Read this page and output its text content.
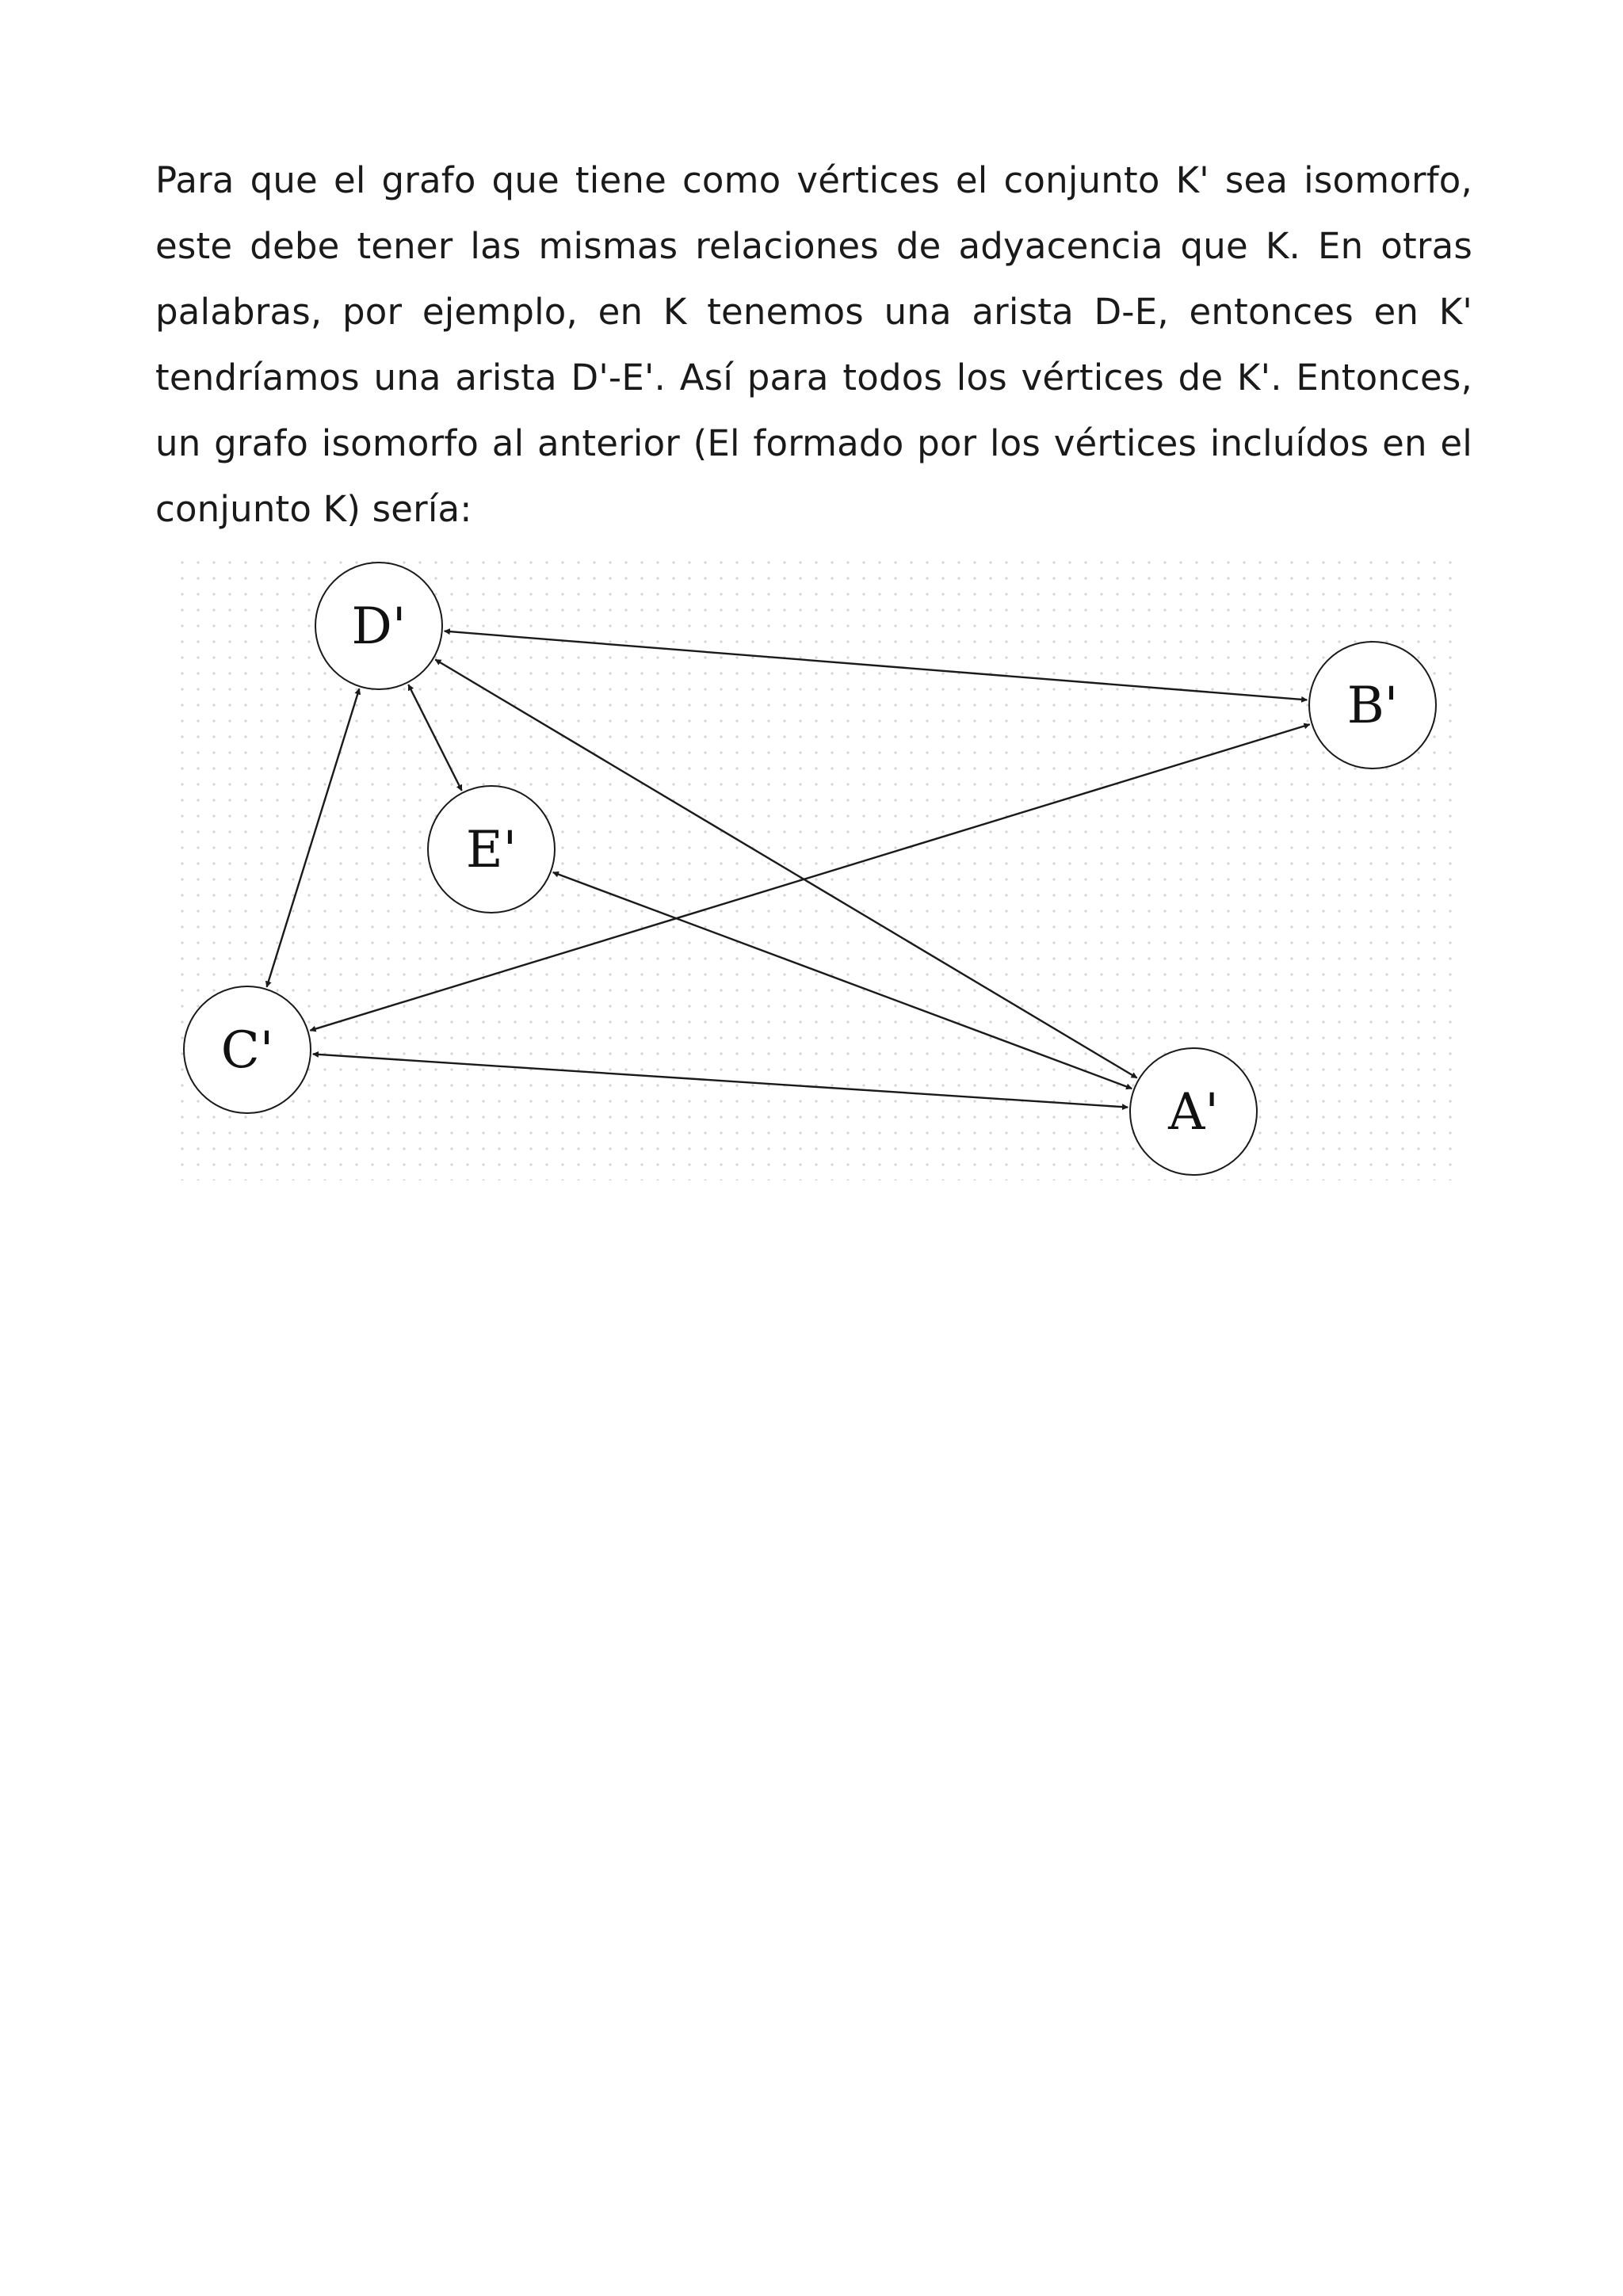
Para que el grafo que tiene como vértices el conjunto K' sea isomorfo, este debe tener las mismas relaciones de adyacencia que K. En otras palabras, por ejemplo, en K tenemos una arista D-E, entonces en K' tendríamos una arista D'-E'. Así para todos los vértices de K'. Entonces, un grafo isomorfo al anterior (El formado por los vértices incluídos en el conjunto K) sería:

D'
B'
E'
C'
A'
